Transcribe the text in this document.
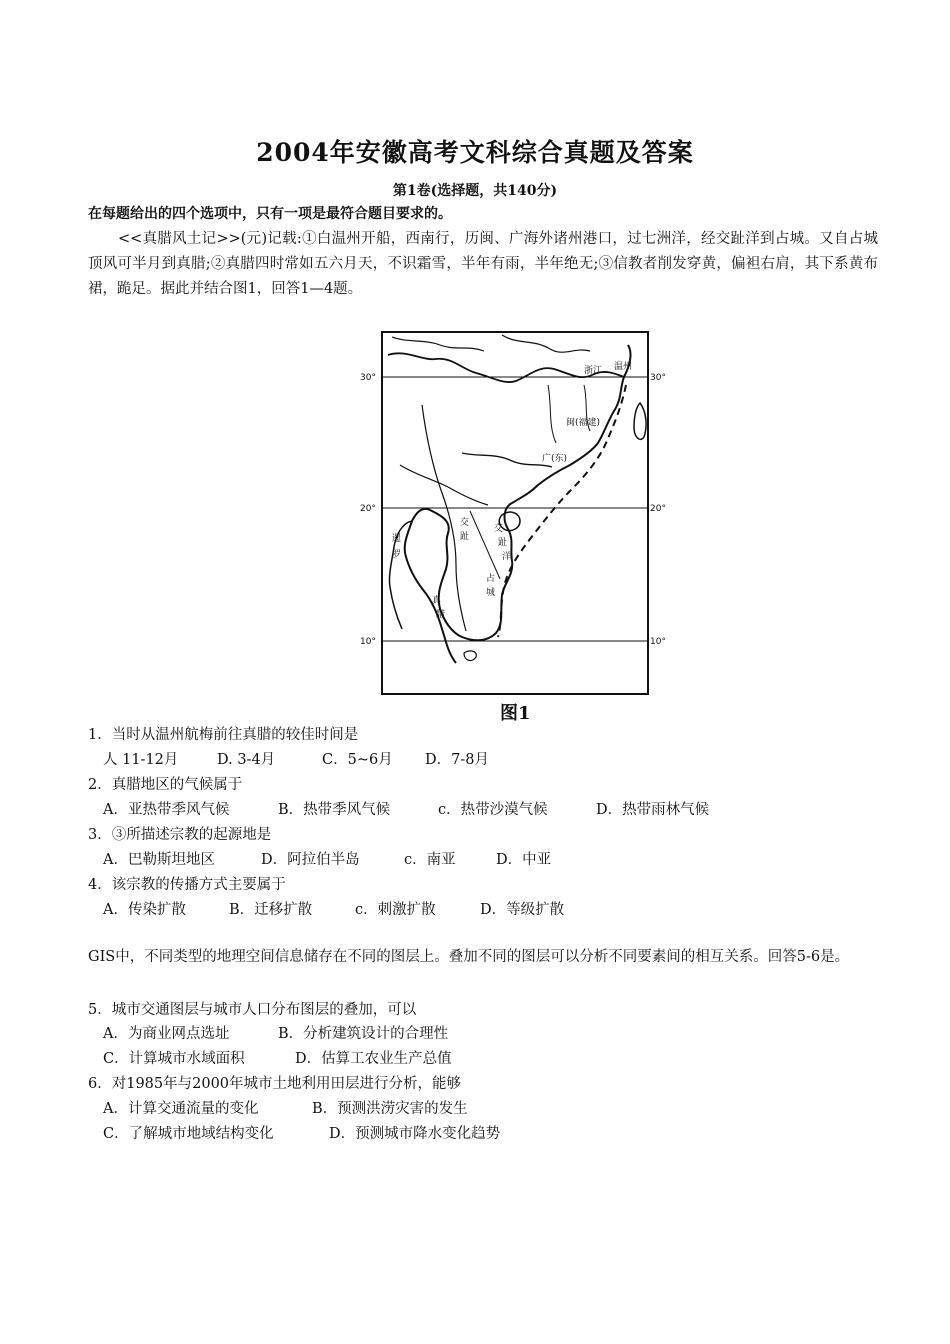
2004年安徽高考文科综合真题及答案
第1卷(选择题，共140分)
在每题给出的四个选项中，只有一项是最符合题目要求的。
<<真腊风土记>>(元)记载:①白温州开船，西南行，历闽、广海外诸州港口，过七洲洋，经交趾洋到占城。又自占城顶风可半月到真腊;②真腊四时常如五六月天，不识霜雪，半年有雨，半年绝无;③信教者削发穿黄，偏袒右肩，其下系黄布裙，跪足。据此并结合图1，回答1—4题。
30°	30°
20°	20°
10°	10°
浙江 温州
闽(福建)
广(东)
交
趾
交
趾
洋
暹
罗
占
城
真
腊
图1
1．当时从温州航梅前往真腊的较佳时间是
人 11-12月	D. 3-4月	C．5~6月 D．7-8月
2．真腊地区的气候属于
A．亚热带季风气候	B．热带季风气候	c．热带沙漠气候	D．热带雨林气候
3．③所描述宗教的起源地是
A．巴勒斯坦地区	D．阿拉伯半岛	c．南亚	D．中亚
4．该宗教的传播方式主要属于
A．传染扩散	B．迁移扩散	c．刺激扩散	D．等级扩散
GIS中，不同类型的地理空间信息储存在不同的图层上。叠加不同的图层可以分析不同要素间的相互关系。回答5-6是。
5．城市交通图层与城市人口分布图层的叠加，可以
A．为商业网点选址	B．分析建筑设计的合理性
C．计算城市水域面积	D．估算工农业生产总值
6．对1985年与2000年城市土地利用田层进行分析，能够
A．计算交通流量的变化	B．预测洪涝灾害的发生
C．了解城市地域结构变化	D．预测城市降水变化趋势
